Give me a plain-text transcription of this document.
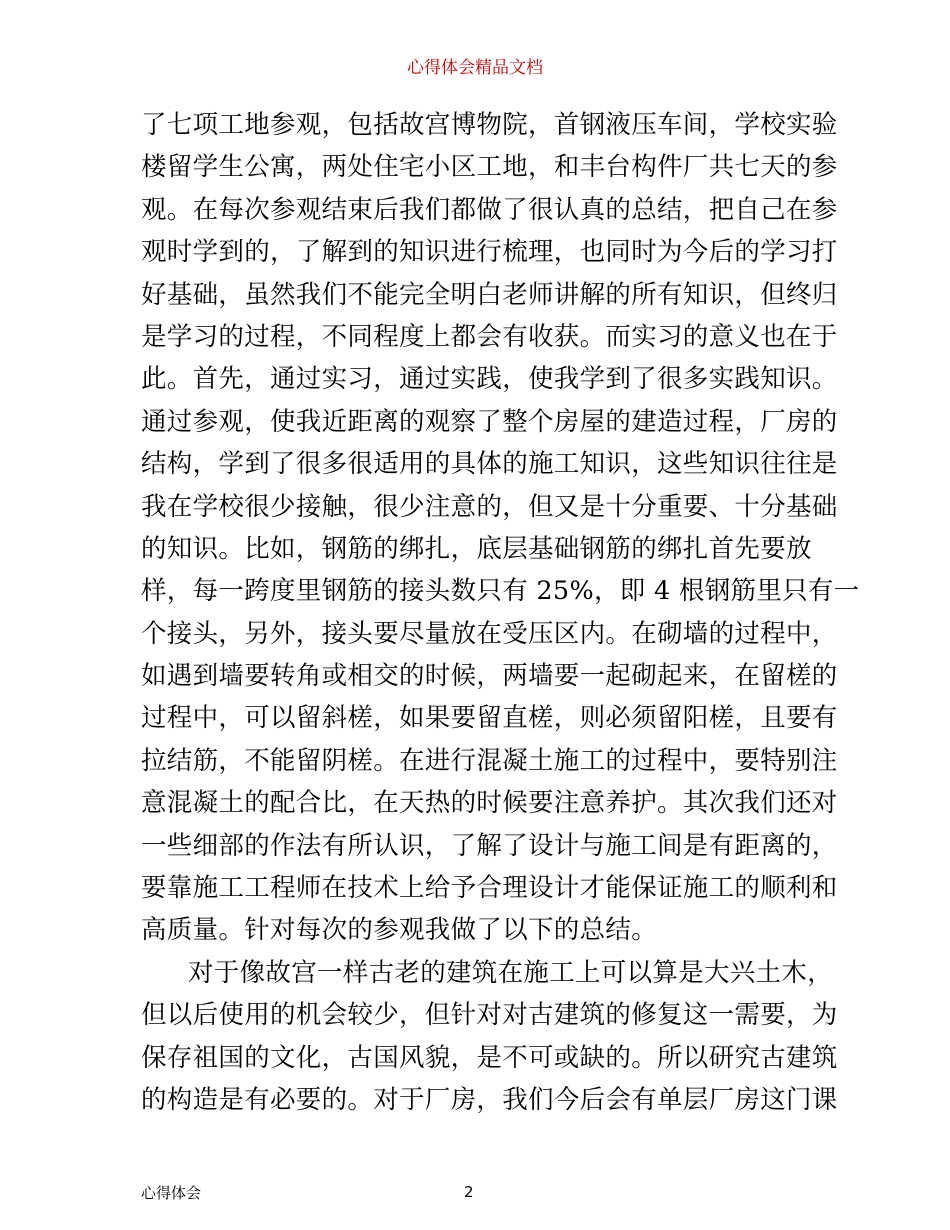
心得体会精品文档
了七项工地参观，包括故宫博物院，首钢液压车间，学校实验
楼留学生公寓，两处住宅小区工地，和丰台构件厂共七天的参
观。在每次参观结束后我们都做了很认真的总结，把自己在参
观时学到的，了解到的知识进行梳理，也同时为今后的学习打
好基础，虽然我们不能完全明白老师讲解的所有知识，但终归
是学习的过程，不同程度上都会有收获。而实习的意义也在于
此。首先，通过实习，通过实践，使我学到了很多实践知识。
通过参观，使我近距离的观察了整个房屋的建造过程，厂房的
结构，学到了很多很适用的具体的施工知识，这些知识往往是
我在学校很少接触，很少注意的，但又是十分重要、十分基础
的知识。比如，钢筋的绑扎，底层基础钢筋的绑扎首先要放
样，每一跨度里钢筋的接头数只有 25%，即 4 根钢筋里只有一
个接头，另外，接头要尽量放在受压区内。在砌墙的过程中，
如遇到墙要转角或相交的时候，两墙要一起砌起来，在留槎的
过程中，可以留斜槎，如果要留直槎，则必须留阳槎，且要有
拉结筋，不能留阴槎。在进行混凝土施工的过程中，要特别注
意混凝土的配合比，在天热的时候要注意养护。其次我们还对
一些细部的作法有所认识，了解了设计与施工间是有距离的，
要靠施工工程师在技术上给予合理设计才能保证施工的顺利和
高质量。针对每次的参观我做了以下的总结。
对于像故宫一样古老的建筑在施工上可以算是大兴土木，
但以后使用的机会较少，但针对对古建筑的修复这一需要，为
保存祖国的文化，古国风貌，是不可或缺的。所以研究古建筑
的构造是有必要的。对于厂房，我们今后会有单层厂房这门课
心得体会	2
